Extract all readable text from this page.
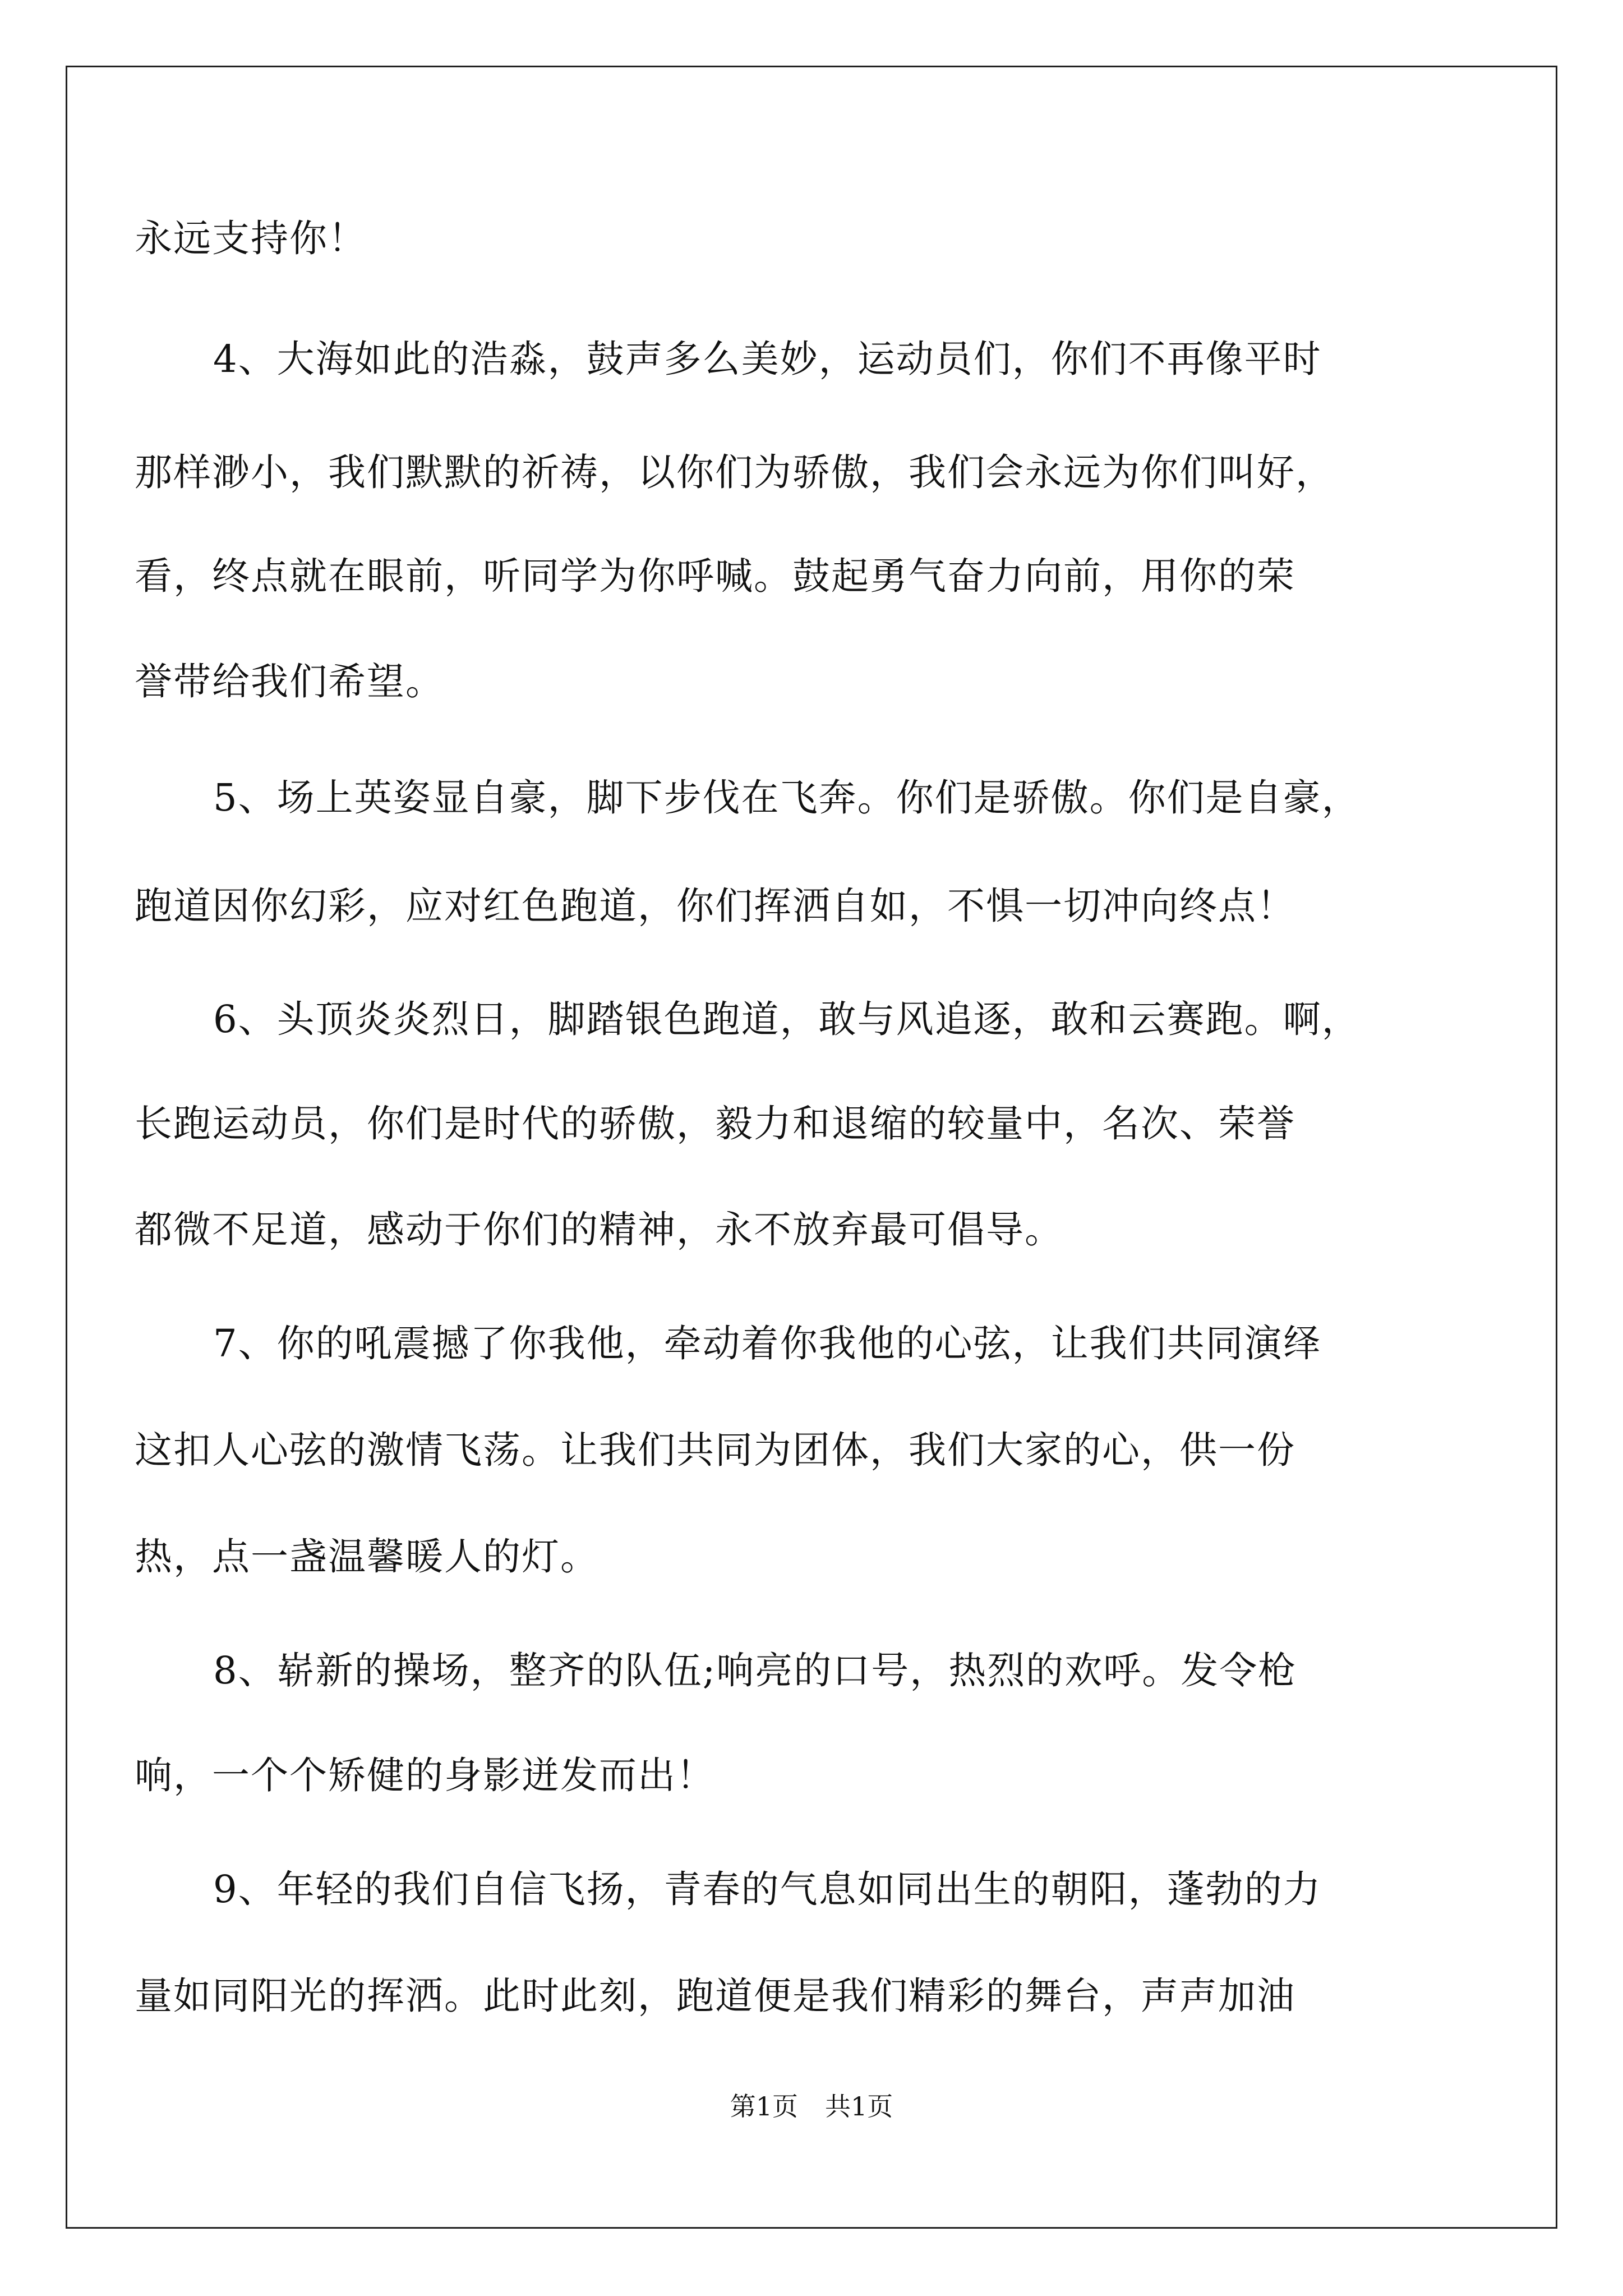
永远支持你！
4、大海如此的浩淼，鼓声多么美妙，运动员们，你们不再像平时
那样渺小，我们默默的祈祷，以你们为骄傲，我们会永远为你们叫好，
看，终点就在眼前，听同学为你呼喊。鼓起勇气奋力向前，用你的荣
誉带给我们希望。
5、场上英姿显自豪，脚下步伐在飞奔。你们是骄傲。你们是自豪，
跑道因你幻彩，应对红色跑道，你们挥洒自如，不惧一切冲向终点！
6、头顶炎炎烈日，脚踏银色跑道，敢与风追逐，敢和云赛跑。啊，
长跑运动员，你们是时代的骄傲，毅力和退缩的较量中，名次、荣誉
都微不足道，感动于你们的精神，永不放弃最可倡导。
7、你的吼震撼了你我他，牵动着你我他的心弦，让我们共同演绎
这扣人心弦的激情飞荡。让我们共同为团体，我们大家的心，供一份
热，点一盏温馨暖人的灯。
8、崭新的操场，整齐的队伍;响亮的口号，热烈的欢呼。发令枪
响，一个个矫健的身影迸发而出！
9、年轻的我们自信飞扬，青春的气息如同出生的朝阳，蓬勃的力
量如同阳光的挥洒。此时此刻，跑道便是我们精彩的舞台，声声加油
第1页 共1页
